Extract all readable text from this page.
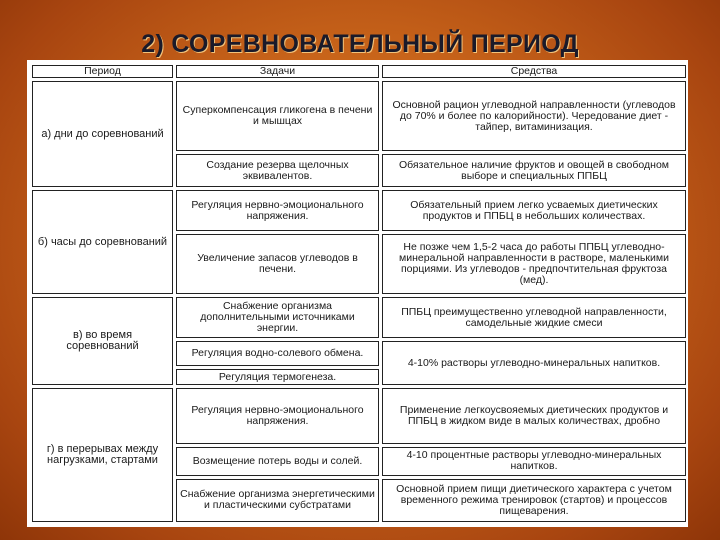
2) СОРЕВНОВАТЕЛЬНЫЙ ПЕРИОД
Период	Задачи	Средства
а) дни до соревнований	Суперкомпенсация гликогена в печени и мышцах	Основной рацион углеводной направленности (углеводов до 70% и более по калорийности). Чередование диет - тайпер, витаминизация.
	Создание резерва щелочных эквивалентов.	Обязательное наличие фруктов и овощей в свободном выборе и специальных ППБЦ
б) часы до соревнований	Регуляция нервно-эмоционального напряжения.	Обязательный прием легко усваемых диетических продуктов и ППБЦ в небольших количествах.
	Увеличение запасов углеводов в печени.	Не позже чем 1,5-2 часа до работы ППБЦ углеводно-минеральной направленности в растворе, маленькими порциями. Из углеводов - предпочтительная фруктоза (мед).
в) во время соревнований	Снабжение организма дополнительными источниками энергии.	ППБЦ преимущественно углеводной направленности, самодельные жидкие смеси
	Регуляция водно-солевого обмена.	4-10% растворы углеводно-минеральных напитков.
	Регуляция термогенеза.	
г) в перерывах между нагрузками, стартами	Регуляция нервно-эмоционального напряжения.	Применение легкоусвояемых диетических продуктов и ППБЦ в жидком виде в малых количествах, дробно
	Возмещение потерь воды и солей.	4-10 процентные растворы углеводно-минеральных напитков.
	Снабжение организма энергетическими и пластическими субстратами	Основной прием пищи диетического характера с учетом временного режима тренировок (стартов) и процессов пищеварения.
